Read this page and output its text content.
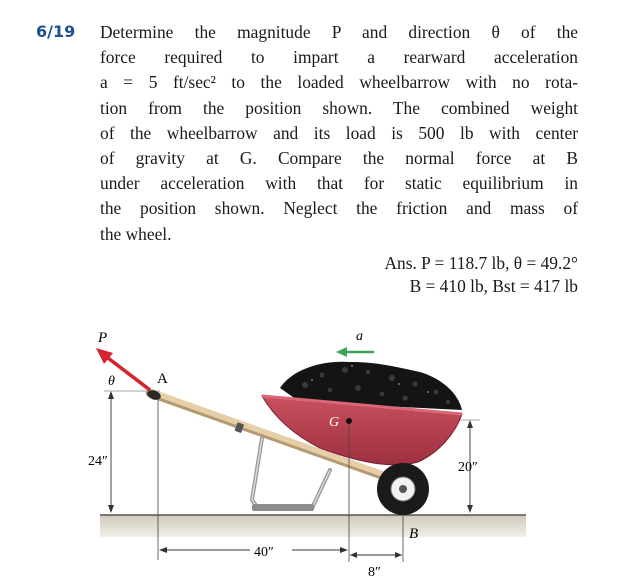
6/19 Determine the magnitude P and direction θ of the
force required to impart a rearward acceleration
a = 5 ft/sec² to the loaded wheelbarrow with no rota-
tion from the position shown. The combined weight
of the wheelbarrow and its load is 500 lb with center
of gravity at G. Compare the normal force at B
under acceleration with that for static equilibrium in
the position shown. Neglect the friction and mass of
the wheel.
Ans. P = 118.7 lb, θ = 49.2°
B = 410 lb, Bst = 417 lb
P
θ	A
a
G
B
24″	20″
40″
8″
